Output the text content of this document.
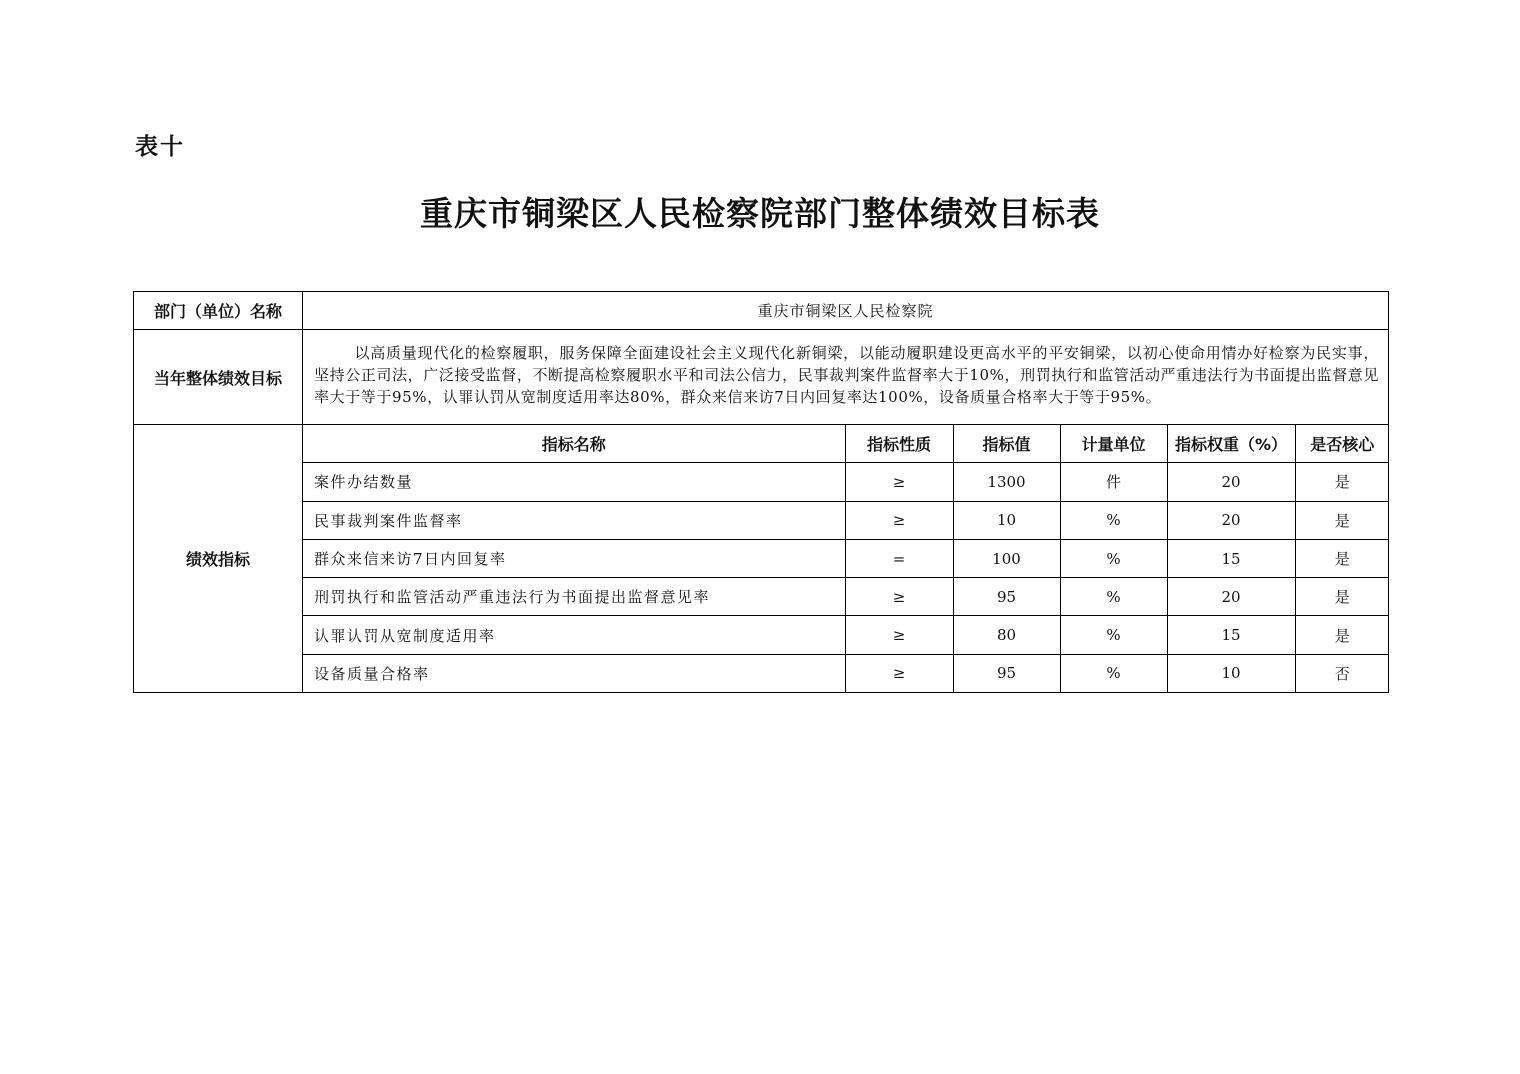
表十
重庆市铜梁区人民检察院部门整体绩效目标表
部门（单位）名称	重庆市铜梁区人民检察院
当年整体绩效目标	以高质量现代化的检察履职，服务保障全面建设社会主义现代化新铜梁，以能动履职建设更高水平的平安铜梁，以初心使命用情办好检察为民实事，坚持公正司法，广泛接受监督，不断提高检察履职水平和司法公信力，民事裁判案件监督率大于10%，刑罚执行和监管活动严重违法行为书面提出监督意见率大于等于95%，认罪认罚从宽制度适用率达80%，群众来信来访7日内回复率达100%，设备质量合格率大于等于95%。
绩效指标	
指标名称	指标性质	指标值	计量单位	指标权重（%）	是否核心
案件办结数量	≥	1300	件	20	是
民事裁判案件监督率	≥	10	%	20	是
群众来信来访7日内回复率	=	100	%	15	是
刑罚执行和监管活动严重违法行为书面提出监督意见率	≥	95	%	20	是
认罪认罚从宽制度适用率	≥	80	%	15	是
设备质量合格率	≥	95	%	10	否
